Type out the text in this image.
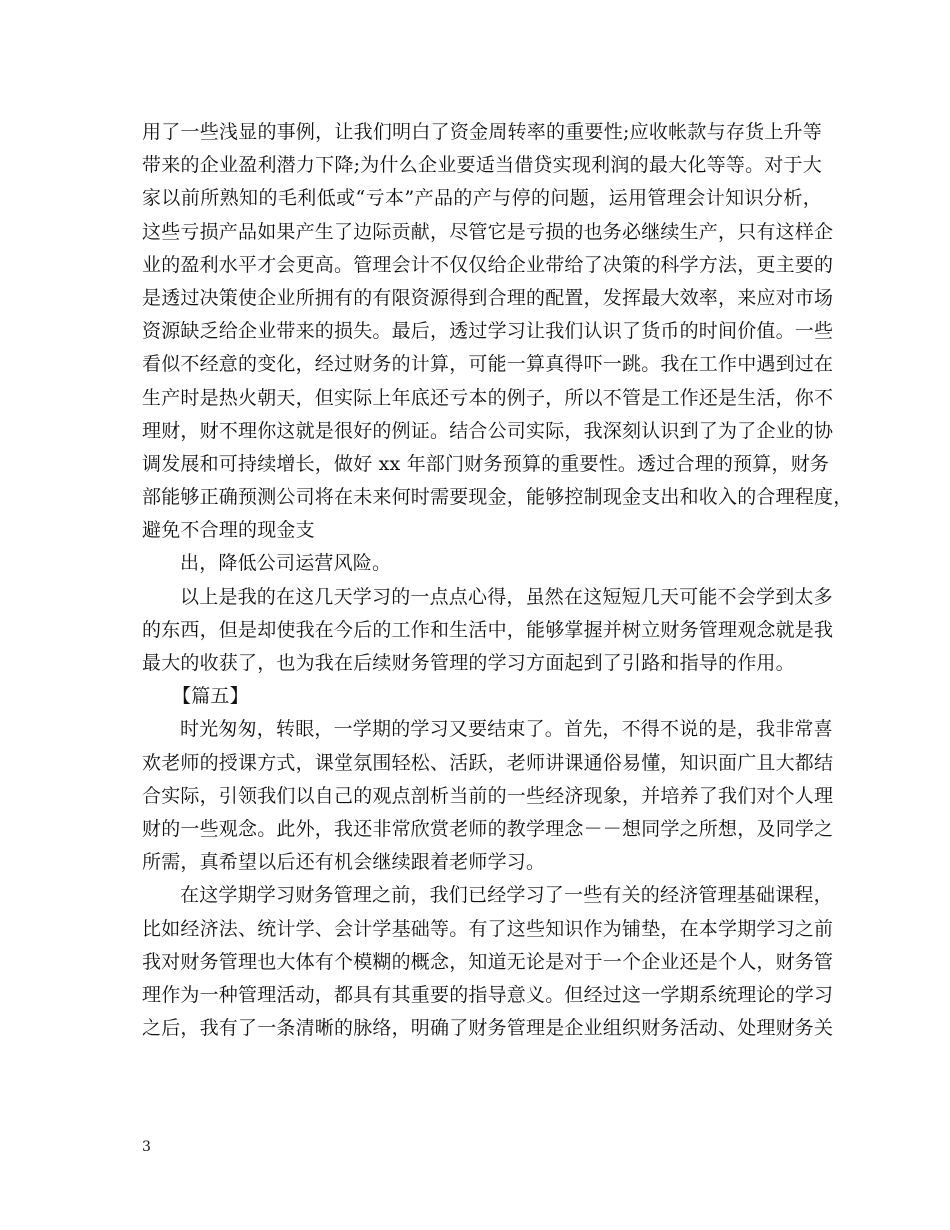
用了一些浅显的事例，让我们明白了资金周转率的重要性;应收帐款与存货上升等
带来的企业盈利潜力下降;为什么企业要适当借贷实现利润的最大化等等。对于大
家以前所熟知的毛利低或“亏本”产品的产与停的问题，运用管理会计知识分析，
这些亏损产品如果产生了边际贡献，尽管它是亏损的也务必继续生产，只有这样企
业的盈利水平才会更高。管理会计不仅仅给企业带给了决策的科学方法，更主要的
是透过决策使企业所拥有的有限资源得到合理的配置，发挥最大效率，来应对市场
资源缺乏给企业带来的损失。最后，透过学习让我们认识了货币的时间价值。一些
看似不经意的变化，经过财务的计算，可能一算真得吓一跳。我在工作中遇到过在
生产时是热火朝天，但实际上年底还亏本的例子，所以不管是工作还是生活，你不
理财，财不理你这就是很好的例证。结合公司实际，我深刻认识到了为了企业的协
调发展和可持续增长，做好 xx 年部门财务预算的重要性。透过合理的预算，财务
部能够正确预测公司将在未来何时需要现金，能够控制现金支出和收入的合理程度，
避免不合理的现金支
出，降低公司运营风险。
以上是我的在这几天学习的一点点心得，虽然在这短短几天可能不会学到太多
的东西，但是却使我在今后的工作和生活中，能够掌握并树立财务管理观念就是我
最大的收获了，也为我在后续财务管理的学习方面起到了引路和指导的作用。
【篇五】
时光匆匆，转眼，一学期的学习又要结束了。首先，不得不说的是，我非常喜
欢老师的授课方式，课堂氛围轻松、活跃，老师讲课通俗易懂，知识面广且大都结
合实际，引领我们以自己的观点剖析当前的一些经济现象，并培养了我们对个人理
财的一些观念。此外，我还非常欣赏老师的教学理念－－想同学之所想，及同学之
所需，真希望以后还有机会继续跟着老师学习。
在这学期学习财务管理之前，我们已经学习了一些有关的经济管理基础课程，
比如经济法、统计学、会计学基础等。有了这些知识作为铺垫，在本学期学习之前
我对财务管理也大体有个模糊的概念，知道无论是对于一个企业还是个人，财务管
理作为一种管理活动，都具有其重要的指导意义。但经过这一学期系统理论的学习
之后，我有了一条清晰的脉络，明确了财务管理是企业组织财务活动、处理财务关
3
